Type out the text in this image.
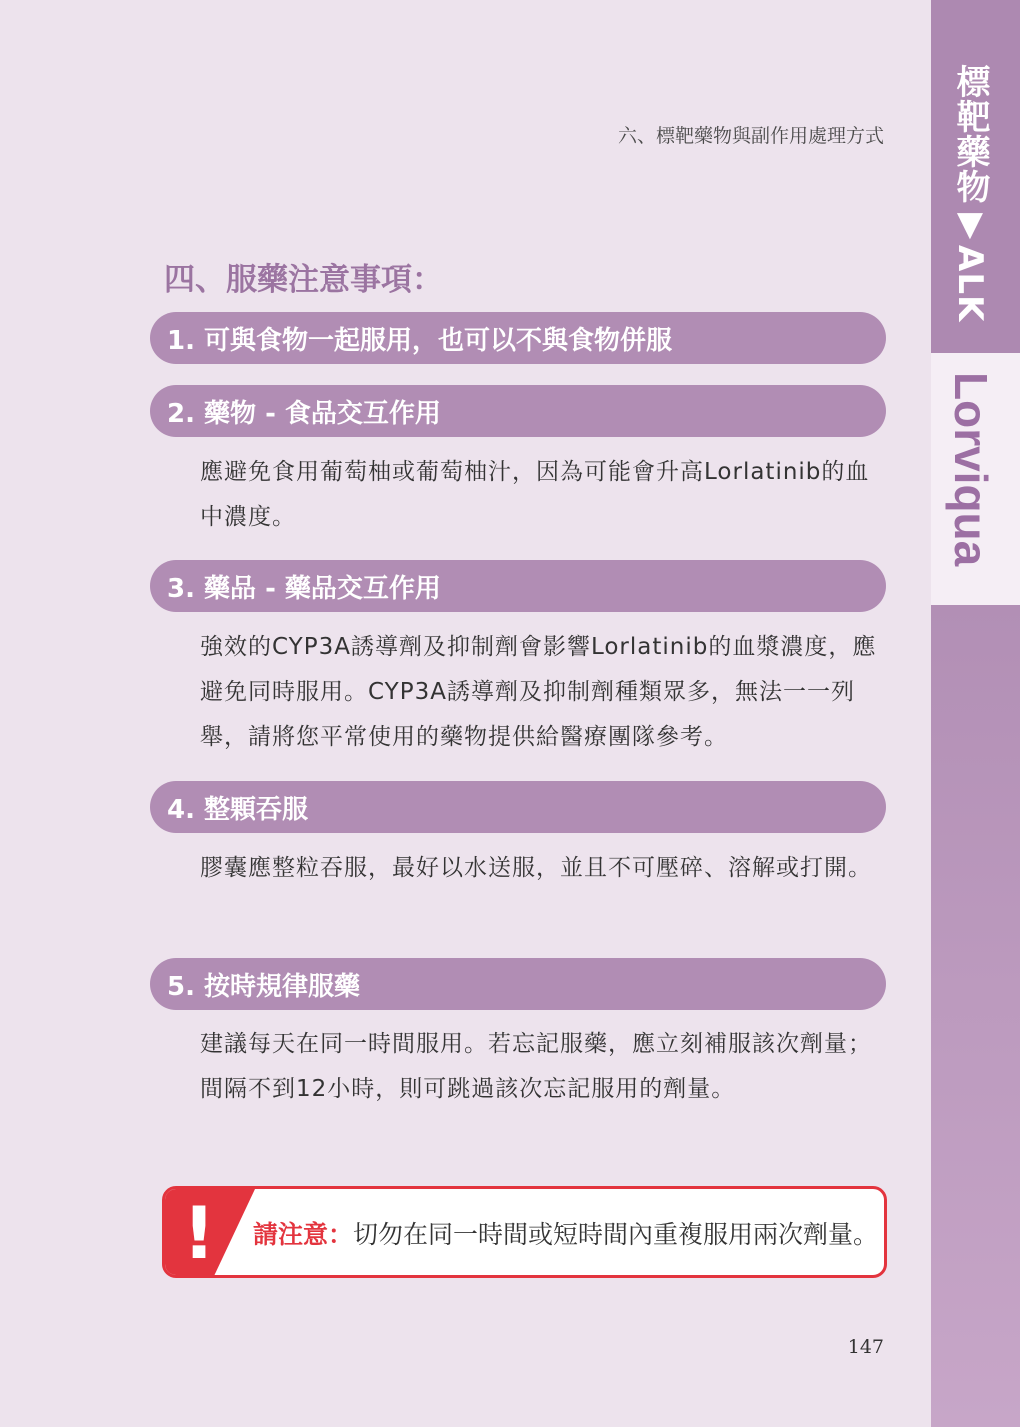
標靶藥物▼ALK
Lorviqua
六、標靶藥物與副作用處理方式
四、服藥注意事項：
1. 可與食物一起服用，也可以不與食物併服
2. 藥物 - 食品交互作用
應避免食用葡萄柚或葡萄柚汁，因為可能會升高Lorlatinib的血中濃度。
3. 藥品 - 藥品交互作用
強效的CYP3A誘導劑及抑制劑會影響Lorlatinib的血漿濃度，應避免同時服用。CYP3A誘導劑及抑制劑種類眾多，無法一一列舉，請將您平常使用的藥物提供給醫療團隊參考。
4. 整顆吞服
膠囊應整粒吞服，最好以水送服，並且不可壓碎、溶解或打開。
5. 按時規律服藥
建議每天在同一時間服用。若忘記服藥，應立刻補服該次劑量；間隔不到12小時，則可跳過該次忘記服用的劑量。
! 請注意： 切勿在同一時間或短時間內重複服用兩次劑量。
147
